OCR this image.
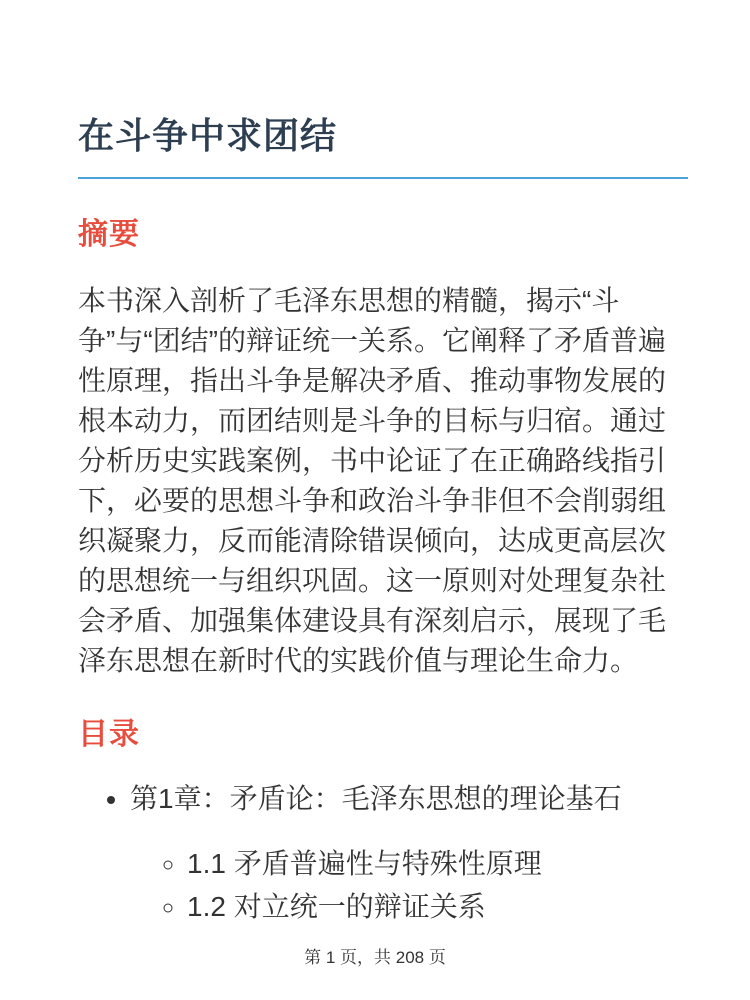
在斗争中求团结
摘要

本书深入剖析了毛泽东思想的精髓，揭示“斗争”与“团结”的辩证统一关系。它阐释了矛盾普遍性原理，指出斗争是解决矛盾、推动事物发展的根本动力，而团结则是斗争的目标与归宿。通过分析历史实践案例，书中论证了在正确路线指引下，必要的思想斗争和政治斗争非但不会削弱组织凝聚力，反而能清除错误倾向，达成更高层次的思想统一与组织巩固。这一原则对处理复杂社会矛盾、加强集体建设具有深刻启示，展现了毛泽东思想在新时代的实践价值与理论生命力。

目录
• 第1章：矛盾论：毛泽东思想的理论基石
◦ 1.1 矛盾普遍性与特殊性原理
◦ 1.2 对立统一的辩证关系
第 1 页，共 208 页
